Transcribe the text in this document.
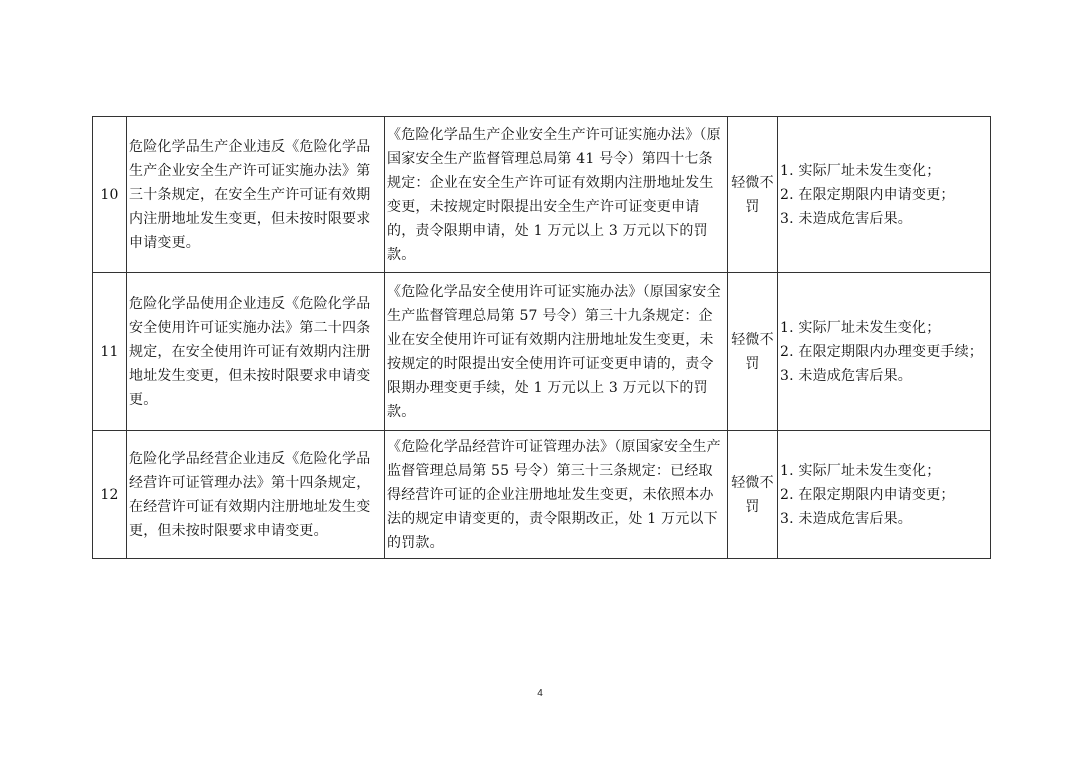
10	危险化学品生产企业违反《危险化学品生产企业安全生产许可证实施办法》第三十条规定，在安全生产许可证有效期内注册地址发生变更，但未按时限要求申请变更。	《危险化学品生产企业安全生产许可证实施办法》（原国家安全生产监督管理总局第 41 号令）第四十七条规定：企业在安全生产许可证有效期内注册地址发生变更，未按规定时限提出安全生产许可证变更申请的，责令限期申请，处 1 万元以上 3 万元以下的罚款。	轻微不罚	1. 实际厂址未发生变化；
2. 在限定期限内申请变更；
3. 未造成危害后果。

11	危险化学品使用企业违反《危险化学品安全使用许可证实施办法》第二十四条规定，在安全使用许可证有效期内注册地址发生变更，但未按时限要求申请变更。	《危险化学品安全使用许可证实施办法》（原国家安全生产监督管理总局第 57 号令）第三十九条规定：企业在安全使用许可证有效期内注册地址发生变更，未按规定的时限提出安全使用许可证变更申请的，责令限期办理变更手续，处 1 万元以上 3 万元以下的罚款。	轻微不罚	1. 实际厂址未发生变化；
2. 在限定期限内办理变更手续；
3. 未造成危害后果。

12	危险化学品经营企业违反《危险化学品经营许可证管理办法》第十四条规定，在经营许可证有效期内注册地址发生变更，但未按时限要求申请变更。	《危险化学品经营许可证管理办法》（原国家安全生产监督管理总局第 55 号令）第三十三条规定：已经取得经营许可证的企业注册地址发生变更，未依照本办法的规定申请变更的，责令限期改正，处 1 万元以下的罚款。	轻微不罚	1. 实际厂址未发生变化；
2. 在限定期限内申请变更；
3. 未造成危害后果。
4
